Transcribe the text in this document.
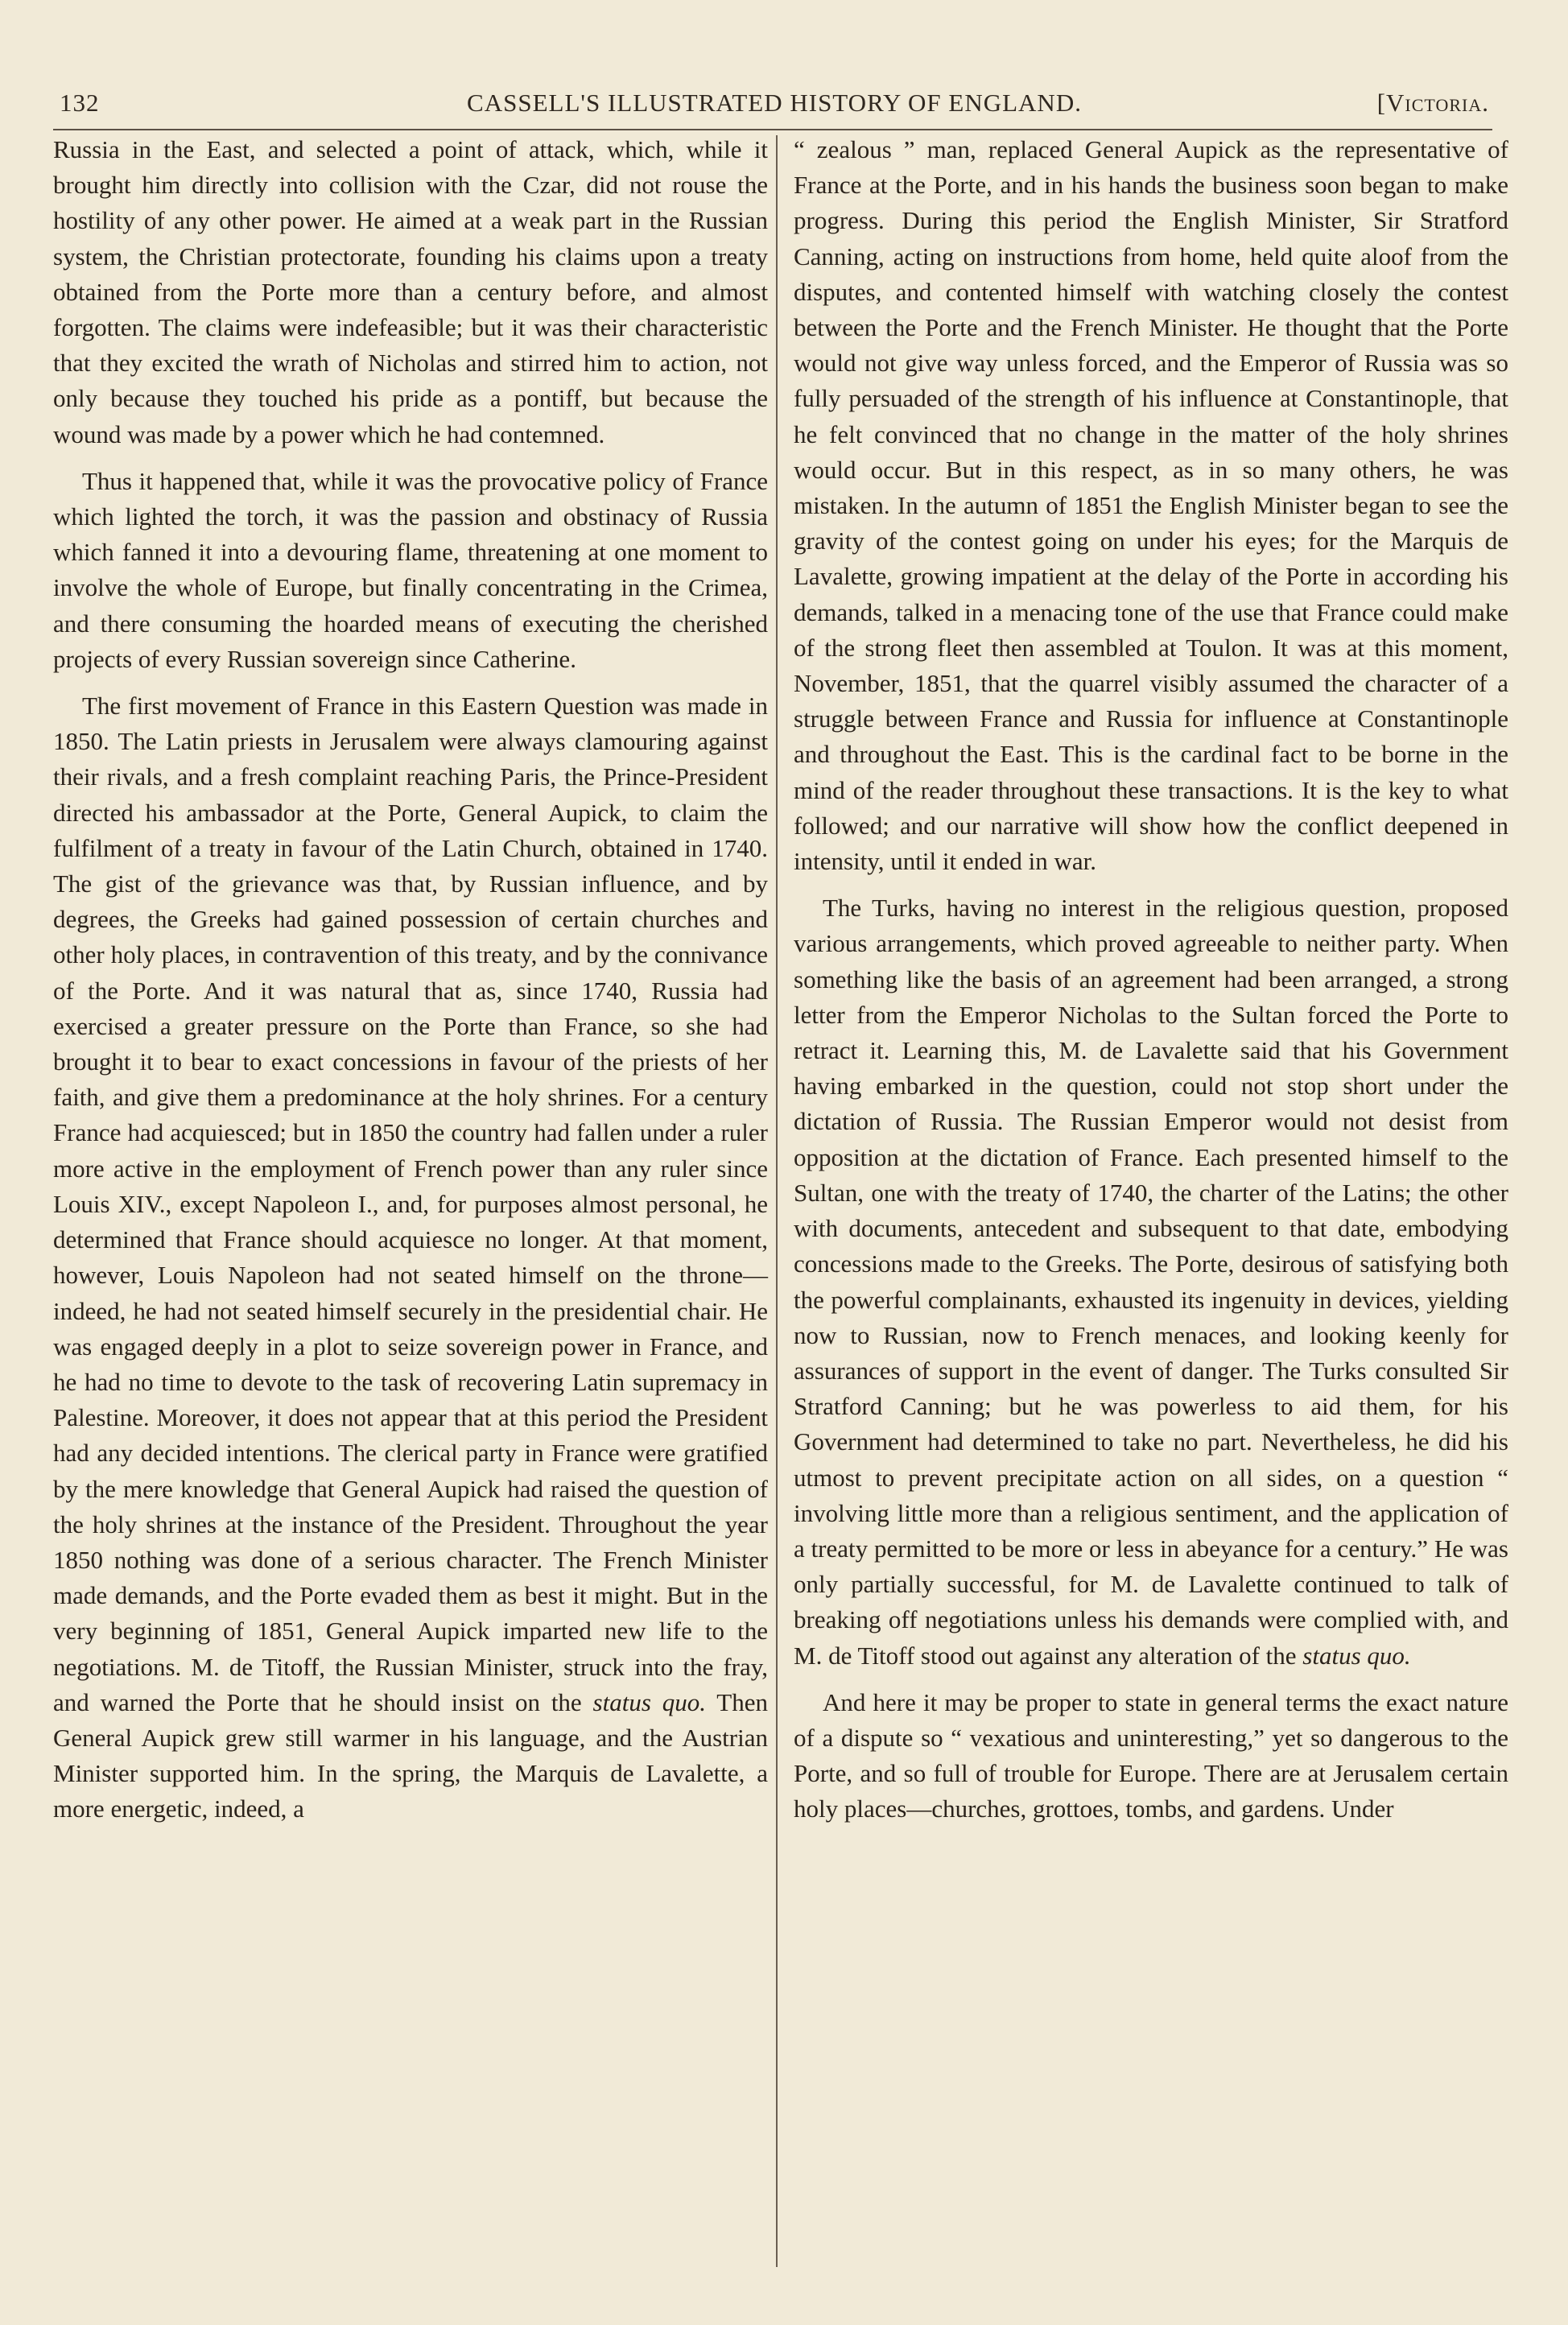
132	CASSELL'S ILLUSTRATED HISTORY OF ENGLAND.	[Victoria.

Russia in the East, and selected a point of attack, which, while it brought him directly into collision with the Czar, did not rouse the hostility of any other power. He aimed at a weak part in the Russian system, the Christian protectorate, founding his claims upon a treaty obtained from the Porte more than a century before, and almost forgotten. The claims were indefeasible; but it was their characteristic that they excited the wrath of Nicholas and stirred him to action, not only because they touched his pride as a pontiff, but because the wound was made by a power which he had contemned.

Thus it happened that, while it was the provocative policy of France which lighted the torch, it was the passion and obstinacy of Russia which fanned it into a devouring flame, threatening at one moment to involve the whole of Europe, but finally concentrating in the Crimea, and there consuming the hoarded means of executing the cherished projects of every Russian sovereign since Catherine.

The first movement of France in this Eastern Question was made in 1850. The Latin priests in Jerusalem were always clamouring against their rivals, and a fresh complaint reaching Paris, the Prince-President directed his ambassador at the Porte, General Aupick, to claim the fulfilment of a treaty in favour of the Latin Church, obtained in 1740. The gist of the grievance was that, by Russian influence, and by degrees, the Greeks had gained possession of certain churches and other holy places, in contravention of this treaty, and by the connivance of the Porte. And it was natural that as, since 1740, Russia had exercised a greater pressure on the Porte than France, so she had brought it to bear to exact concessions in favour of the priests of her faith, and give them a predominance at the holy shrines. For a century France had acquiesced; but in 1850 the country had fallen under a ruler more active in the employment of French power than any ruler since Louis XIV., except Napoleon I., and, for purposes almost personal, he determined that France should acquiesce no longer. At that moment, however, Louis Napoleon had not seated himself on the throne—indeed, he had not seated himself securely in the presidential chair. He was engaged deeply in a plot to seize sovereign power in France, and he had no time to devote to the task of recovering Latin supremacy in Palestine. Moreover, it does not appear that at this period the President had any decided intentions. The clerical party in France were gratified by the mere knowledge that General Aupick had raised the question of the holy shrines at the instance of the President. Throughout the year 1850 nothing was done of a serious character. The French Minister made demands, and the Porte evaded them as best it might. But in the very beginning of 1851, General Aupick imparted new life to the negotiations. M. de Titoff, the Russian Minister, struck into the fray, and warned the Porte that he should insist on the status quo. Then General Aupick grew still warmer in his language, and the Austrian Minister supported him. In the spring, the Marquis de Lavalette, a more energetic, indeed, a

“ zealous ” man, replaced General Aupick as the representative of France at the Porte, and in his hands the business soon began to make progress. During this period the English Minister, Sir Stratford Canning, acting on instructions from home, held quite aloof from the disputes, and contented himself with watching closely the contest between the Porte and the French Minister. He thought that the Porte would not give way unless forced, and the Emperor of Russia was so fully persuaded of the strength of his influence at Constantinople, that he felt convinced that no change in the matter of the holy shrines would occur. But in this respect, as in so many others, he was mistaken. In the autumn of 1851 the English Minister began to see the gravity of the contest going on under his eyes; for the Marquis de Lavalette, growing impatient at the delay of the Porte in according his demands, talked in a menacing tone of the use that France could make of the strong fleet then assembled at Toulon. It was at this moment, November, 1851, that the quarrel visibly assumed the character of a struggle between France and Russia for influence at Constantinople and throughout the East. This is the cardinal fact to be borne in the mind of the reader throughout these transactions. It is the key to what followed; and our narrative will show how the conflict deepened in intensity, until it ended in war.

The Turks, having no interest in the religious question, proposed various arrangements, which proved agreeable to neither party. When something like the basis of an agreement had been arranged, a strong letter from the Emperor Nicholas to the Sultan forced the Porte to retract it. Learning this, M. de Lavalette said that his Government having embarked in the question, could not stop short under the dictation of Russia. The Russian Emperor would not desist from opposition at the dictation of France. Each presented himself to the Sultan, one with the treaty of 1740, the charter of the Latins; the other with documents, antecedent and subsequent to that date, embodying concessions made to the Greeks. The Porte, desirous of satisfying both the powerful complainants, exhausted its ingenuity in devices, yielding now to Russian, now to French menaces, and looking keenly for assurances of support in the event of danger. The Turks consulted Sir Stratford Canning; but he was powerless to aid them, for his Government had determined to take no part. Nevertheless, he did his utmost to prevent precipitate action on all sides, on a question “ involving little more than a religious sentiment, and the application of a treaty permitted to be more or less in abeyance for a century.” He was only partially successful, for M. de Lavalette continued to talk of breaking off negotiations unless his demands were complied with, and M. de Titoff stood out against any alteration of the status quo.

And here it may be proper to state in general terms the exact nature of a dispute so “ vexatious and uninteresting,” yet so dangerous to the Porte, and so full of trouble for Europe. There are at Jerusalem certain holy places—churches, grottoes, tombs, and gardens. Under
